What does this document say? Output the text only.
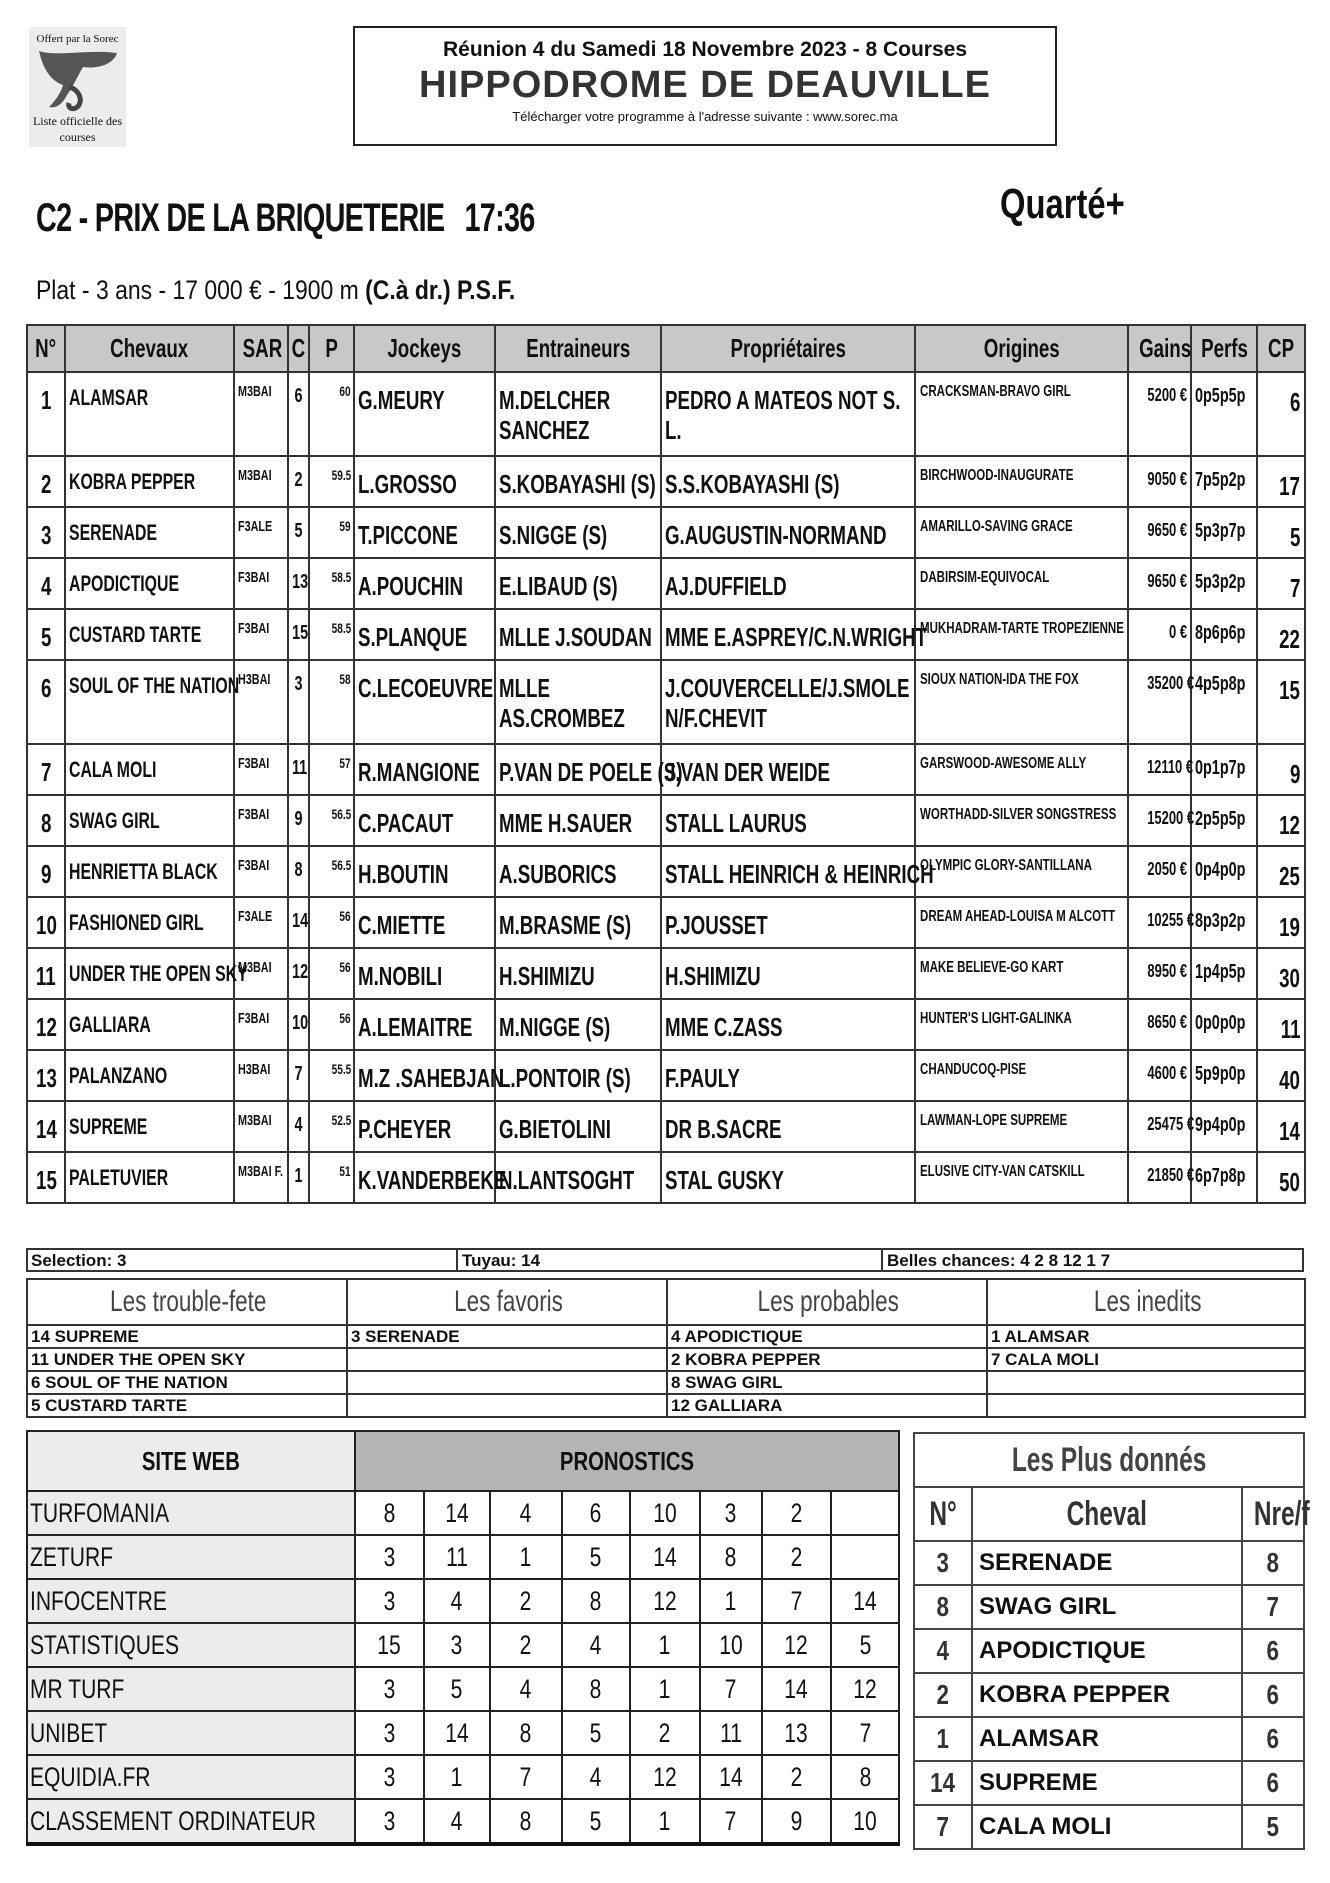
Offert par la Sorec
Liste officielle des courses
Réunion 4 du Samedi 18 Novembre 2023 - 8 Courses
HIPPODROME DE DEAUVILLE
Télécharger votre programme à l'adresse suivante : www.sorec.ma
C2 - PRIX DE LA BRIQUETERIE 17:36	Quarté+
Plat - 3 ans - 17 000 € - 1900 m (C.à dr.) P.S.F.
N°	Chevaux	SAR	C	P	Jockeys	Entraineurs	Propriétaires	Origines	Gains	Perfs	CP
1	ALAMSAR	M3BAI	6	60	G.MEURY	M.DELCHER SANCHEZ	PEDRO A MATEOS NOT S.L.	CRACKSMAN-BRAVO GIRL	5200 €	0p5p5p	6
2	KOBRA PEPPER	M3BAI	2	59.5	L.GROSSO	S.KOBAYASHI (S)	S.S.KOBAYASHI (S)	BIRCHWOOD-INAUGURATE	9050 €	7p5p2p	17
3	SERENADE	F3ALE	5	59	T.PICCONE	S.NIGGE (S)	G.AUGUSTIN-NORMAND	AMARILLO-SAVING GRACE	9650 €	5p3p7p	5
4	APODICTIQUE	F3BAI	13	58.5	A.POUCHIN	E.LIBAUD (S)	AJ.DUFFIELD	DABIRSIM-EQUIVOCAL	9650 €	5p3p2p	7
5	CUSTARD TARTE	F3BAI	15	58.5	S.PLANQUE	MLLE J.SOUDAN	MME E.ASPREY/C.N.WRIGHT	MUKHADRAM-TARTE TROPEZIENNE	0 €	8p6p6p	22
6	SOUL OF THE NATION	H3BAI	3	58	C.LECOEUVRE	MLLE AS.CROMBEZ	J.COUVERCELLE/J.SMOLEN/F.CHEVIT	SIOUX NATION-IDA THE FOX	35200 €	4p5p8p	15
7	CALA MOLI	F3BAI	11	57	R.MANGIONE	P.VAN DE POELE (S)	J.VAN DER WEIDE	GARSWOOD-AWESOME ALLY	12110 €	0p1p7p	9
8	SWAG GIRL	F3BAI	9	56.5	C.PACAUT	MME H.SAUER	STALL LAURUS	WORTHADD-SILVER SONGSTRESS	15200 €	2p5p5p	12
9	HENRIETTA BLACK	F3BAI	8	56.5	H.BOUTIN	A.SUBORICS	STALL HEINRICH & HEINRICH	OLYMPIC GLORY-SANTILLANA	2050 €	0p4p0p	25
10	FASHIONED GIRL	F3ALE	14	56	C.MIETTE	M.BRASME (S)	P.JOUSSET	DREAM AHEAD-LOUISA M ALCOTT	10255 €	8p3p2p	19
11	UNDER THE OPEN SKY	M3BAI	12	56	M.NOBILI	H.SHIMIZU	H.SHIMIZU	MAKE BELIEVE-GO KART	8950 €	1p4p5p	30
12	GALLIARA	F3BAI	10	56	A.LEMAITRE	M.NIGGE (S)	MME C.ZASS	HUNTER'S LIGHT-GALINKA	8650 €	0p0p0p	11
13	PALANZANO	H3BAI	7	55.5	M.Z .SAHEBJAN	L.PONTOIR (S)	F.PAULY	CHANDUCOQ-PISE	4600 €	5p9p0p	40
14	SUPREME	M3BAI	4	52.5	P.CHEYER	G.BIETOLINI	DR B.SACRE	LAWMAN-LOPE SUPREME	25475 €	9p4p0p	14
15	PALETUVIER	M3BAI F.	1	51	K.VANDERBEKE	N.LANTSOGHT	STAL GUSKY	ELUSIVE CITY-VAN CATSKILL	21850 €	6p7p8p	50
Selection: 3	Tuyau: 14	Belles chances: 4 2 8 12 1 7
Les trouble-fete	Les favoris	Les probables	Les inedits
14 SUPREME	3 SERENADE	4 APODICTIQUE	1 ALAMSAR
11 UNDER THE OPEN SKY		2 KOBRA PEPPER	7 CALA MOLI
6 SOUL OF THE NATION		8 SWAG GIRL	
5 CUSTARD TARTE		12 GALLIARA	
SITE WEB	PRONOSTICS							
TURFOMANIA	8	14	4	6	10	3	2	
ZETURF	3	11	1	5	14	8	2	
INFOCENTRE	3	4	2	8	12	1	7	14
STATISTIQUES	15	3	2	4	1	10	12	5
MR TURF	3	5	4	8	1	7	14	12
UNIBET	3	14	8	5	2	11	13	7
EQUIDIA.FR	3	1	7	4	12	14	2	8
CLASSEMENT ORDINATEUR	3	4	8	5	1	7	9	10
Les Plus donnés		
N°	Cheval	Nre/f
3	SERENADE	8
8	SWAG GIRL	7
4	APODICTIQUE	6
2	KOBRA PEPPER	6
1	ALAMSAR	6
14	SUPREME	6
7	CALA MOLI	5
